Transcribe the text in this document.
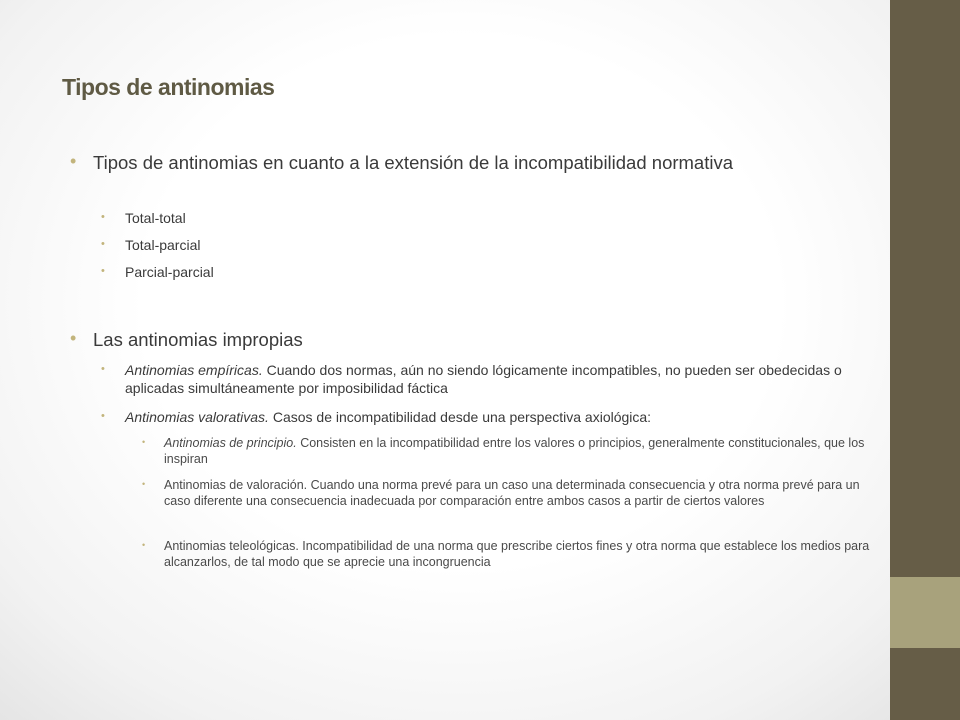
Tipos de antinomias
• Tipos de antinomias en cuanto a la extensión de la incompatibilidad normativa
• Total-total
• Total-parcial
• Parcial-parcial
• Las antinomias impropias
• Antinomias empíricas. Cuando dos normas, aún no siendo lógicamente incompatibles, no pueden ser obedecidas o aplicadas simultáneamente por imposibilidad fáctica
• Antinomias valorativas. Casos de incompatibilidad desde una perspectiva axiológica:
• Antinomias de principio. Consisten en la incompatibilidad entre los valores o principios, generalmente constitucionales, que los inspiran
• Antinomias de valoración. Cuando una norma prevé para un caso una determinada consecuencia y otra norma prevé para un caso diferente una consecuencia inadecuada por comparación entre ambos casos a partir de ciertos valores
• Antinomias teleológicas. Incompatibilidad de una norma que prescribe ciertos fines y otra norma que establece los medios para alcanzarlos, de tal modo que se aprecie una incongruencia
